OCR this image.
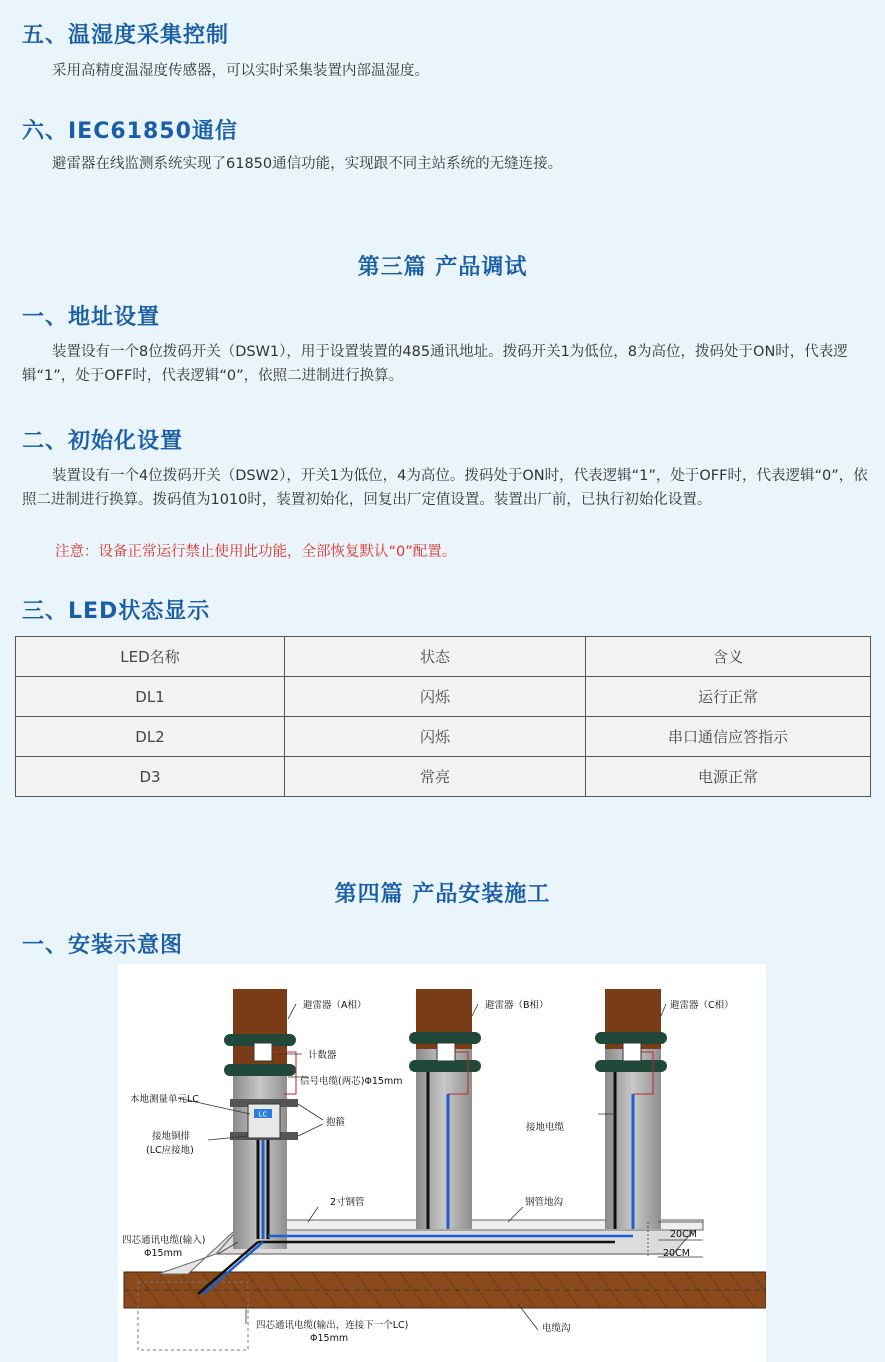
五、温湿度采集控制
采用高精度温湿度传感器，可以实时采集装置内部温湿度。
六、IEC61850通信
避雷器在线监测系统实现了61850通信功能，实现跟不同主站系统的无缝连接。
第三篇 产品调试
一、地址设置
装置设有一个8位拨码开关（DSW1），用于设置装置的485通讯地址。拨码开关1为低位，8为高位，拨码处于ON时，代表逻辑“1”，处于OFF时，代表逻辑“0”，依照二进制进行换算。
二、初始化设置
装置设有一个4位拨码开关（DSW2），开关1为低位，4为高位。拨码处于ON时，代表逻辑“1”，处于OFF时，代表逻辑“0”，依照二进制进行换算。拨码值为1010时，装置初始化，回复出厂定值设置。装置出厂前，已执行初始化设置。
注意：设备正常运行禁止使用此功能，全部恢复默认“0”配置。
三、LED状态显示
LED名称	状态	含义
DL1	闪烁	运行正常
DL2	闪烁	串口通信应答指示
D3	常亮	电源正常
第四篇 产品安装施工
一、安装示意图
LC
避雷器（A相）	避雷器（B相）	避雷器（C相）
计数器
信号电缆(两芯)Φ15mm
本地测量单元LC
抱箍
接地铜排
(LC应接地)
接地电缆
2寸钢管	钢管地沟
四芯通讯电缆(输入)
Φ15mm
20CM
20CM
四芯通讯电缆(输出，连接下一个LC)
Φ15mm
电缆沟
